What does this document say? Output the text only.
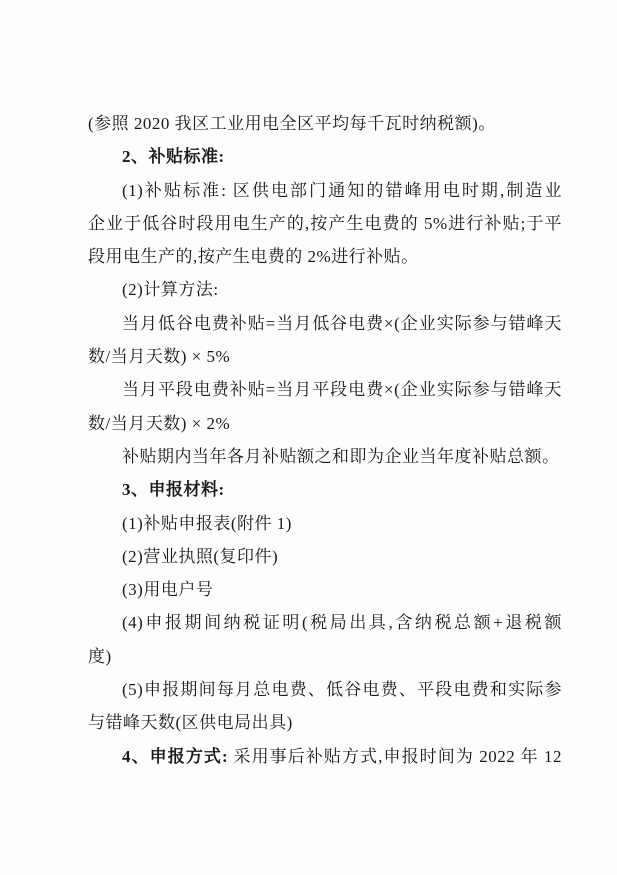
(参照 2020 我区工业用电全区平均每千瓦时纳税额)。
2、补贴标准:
(1)补贴标准: 区供电部门通知的错峰用电时期,制造业
企业于低谷时段用电生产的,按产生电费的 5%进行补贴;于平
段用电生产的,按产生电费的 2%进行补贴。
(2)计算方法:
当月低谷电费补贴=当月低谷电费×(企业实际参与错峰天
数/当月天数) × 5%
当月平段电费补贴=当月平段电费×(企业实际参与错峰天
数/当月天数) × 2%
补贴期内当年各月补贴额之和即为企业当年度补贴总额。
3、申报材料:
(1)补贴申报表(附件 1)
(2)营业执照(复印件)
(3)用电户号
(4)申报期间纳税证明(税局出具,含纳税总额+退税额
度)
(5)申报期间每月总电费、低谷电费、平段电费和实际参
与错峰天数(区供电局出具)
4、申报方式: 采用事后补贴方式,申报时间为 2022 年 12
